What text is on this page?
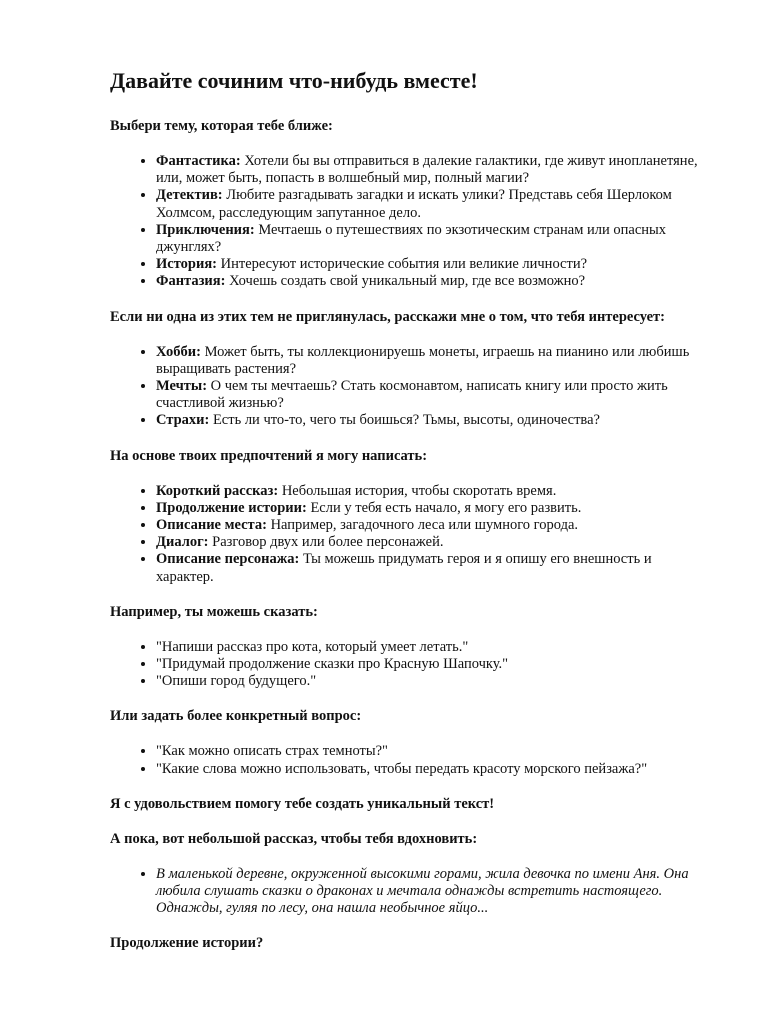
Давайте сочиним что-нибудь вместе!

Выбери тему, которая тебе ближе:

• Фантастика: Хотели бы вы отправиться в далекие галактики, где живут инопланетяне, или, может быть, попасть в волшебный мир, полный магии?
• Детектив: Любите разгадывать загадки и искать улики? Представь себя Шерлоком Холмсом, расследующим запутанное дело.
• Приключения: Мечтаешь о путешествиях по экзотическим странам или опасных джунглях?
• История: Интересуют исторические события или великие личности?
• Фантазия: Хочешь создать свой уникальный мир, где все возможно?

Если ни одна из этих тем не приглянулась, расскажи мне о том, что тебя интересует:

• Хобби: Может быть, ты коллекционируешь монеты, играешь на пианино или любишь выращивать растения?
• Мечты: О чем ты мечтаешь? Стать космонавтом, написать книгу или просто жить счастливой жизнью?
• Страхи: Есть ли что-то, чего ты боишься? Тьмы, высоты, одиночества?

На основе твоих предпочтений я могу написать:

• Короткий рассказ: Небольшая история, чтобы скоротать время.
• Продолжение истории: Если у тебя есть начало, я могу его развить.
• Описание места: Например, загадочного леса или шумного города.
• Диалог: Разговор двух или более персонажей.
• Описание персонажа: Ты можешь придумать героя и я опишу его внешность и характер.

Например, ты можешь сказать:

• "Напиши рассказ про кота, который умеет летать."
• "Придумай продолжение сказки про Красную Шапочку."
• "Опиши город будущего."

Или задать более конкретный вопрос:

• "Как можно описать страх темноты?"
• "Какие слова можно использовать, чтобы передать красоту морского пейзажа?"

Я с удовольствием помогу тебе создать уникальный текст!

А пока, вот небольшой рассказ, чтобы тебя вдохновить:

• В маленькой деревне, окруженной высокими горами, жила девочка по имени Аня. Она любила слушать сказки о драконах и мечтала однажды встретить настоящего. Однажды, гуляя по лесу, она нашла необычное яйцо...

Продолжение истории?
